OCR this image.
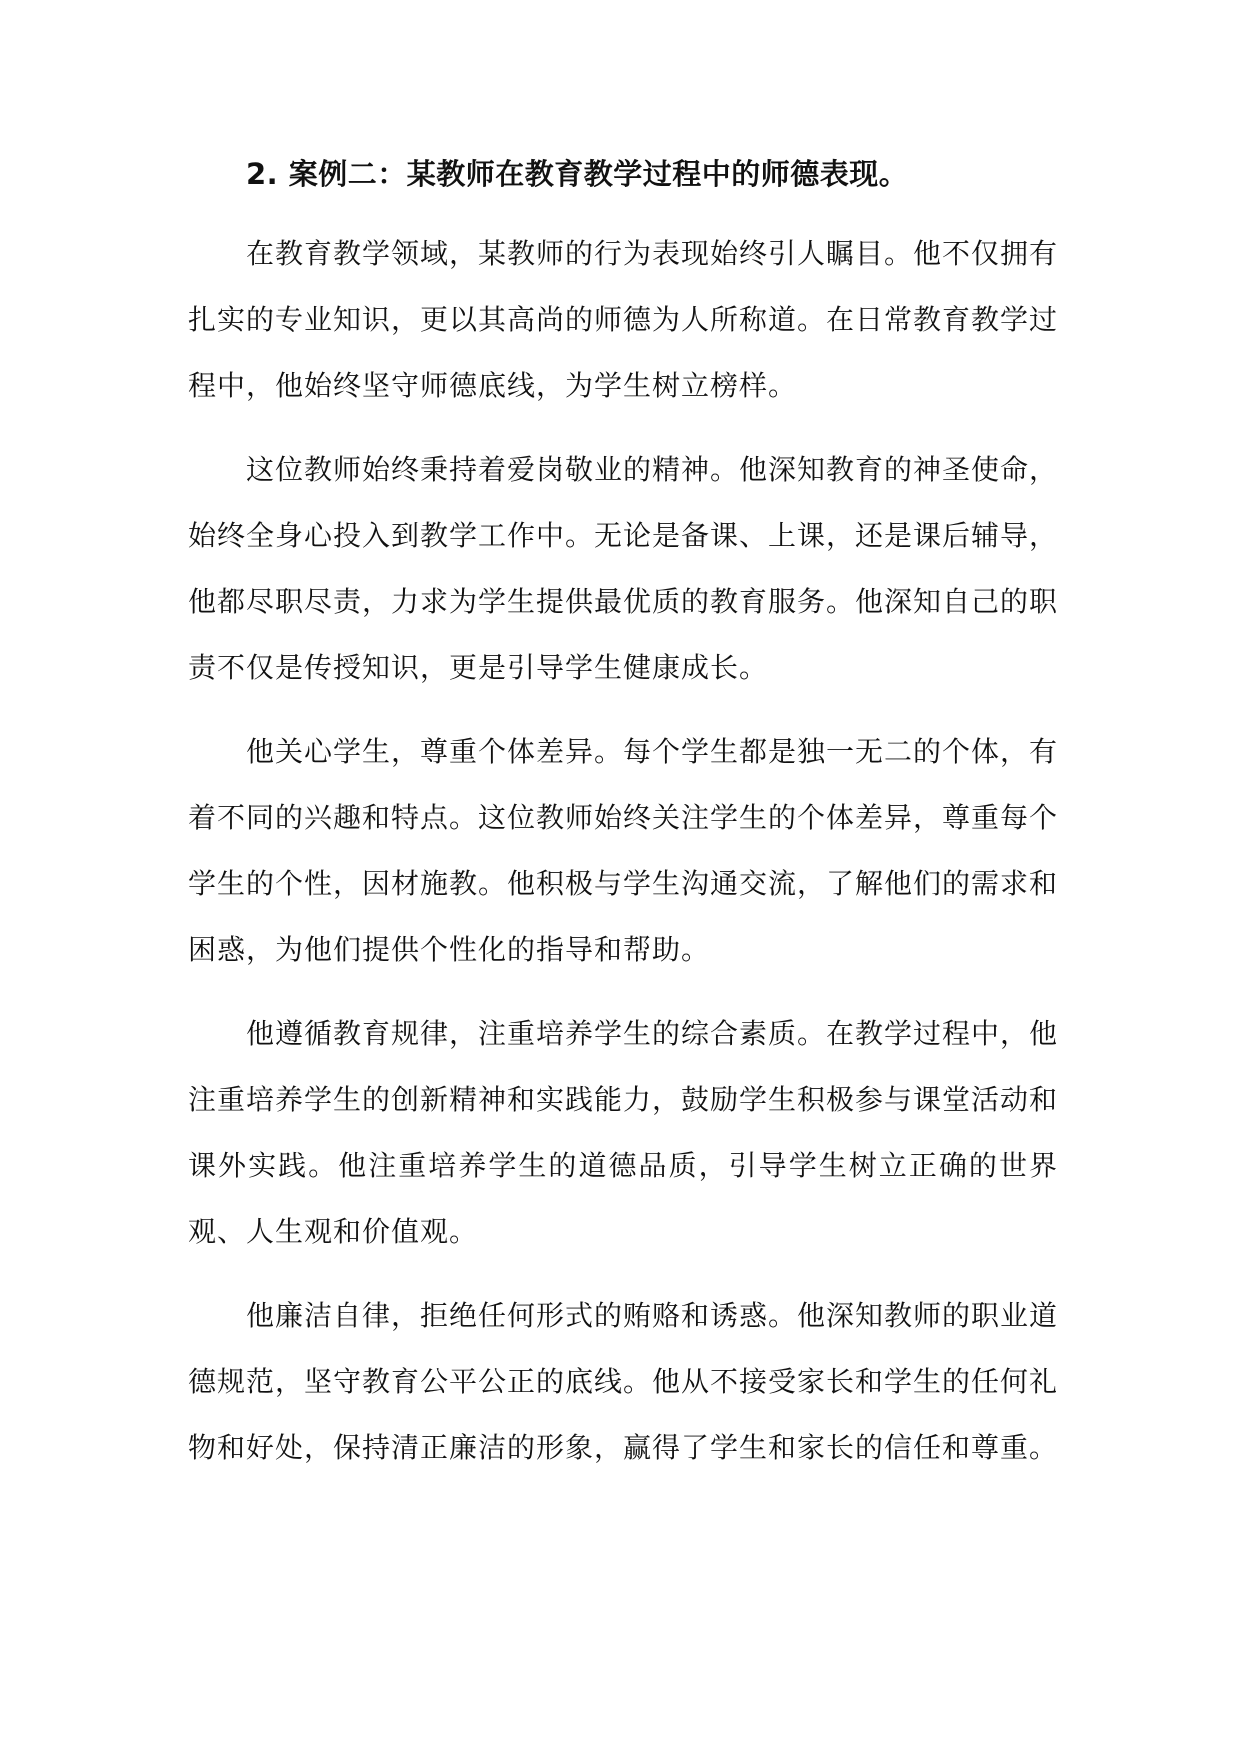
2. 案例二：某教师在教育教学过程中的师德表现。

在教育教学领域，某教师的行为表现始终引人瞩目。他不仅拥有扎实的专业知识，更以其高尚的师德为人所称道。在日常教育教学过程中，他始终坚守师德底线，为学生树立榜样。

这位教师始终秉持着爱岗敬业的精神。他深知教育的神圣使命，始终全身心投入到教学工作中。无论是备课、上课，还是课后辅导，他都尽职尽责，力求为学生提供最优质的教育服务。他深知自己的职责不仅是传授知识，更是引导学生健康成长。

他关心学生，尊重个体差异。每个学生都是独一无二的个体，有着不同的兴趣和特点。这位教师始终关注学生的个体差异，尊重每个学生的个性，因材施教。他积极与学生沟通交流，了解他们的需求和困惑，为他们提供个性化的指导和帮助。

他遵循教育规律，注重培养学生的综合素质。在教学过程中，他注重培养学生的创新精神和实践能力，鼓励学生积极参与课堂活动和课外实践。他注重培养学生的道德品质，引导学生树立正确的世界观、人生观和价值观。

他廉洁自律，拒绝任何形式的贿赂和诱惑。他深知教师的职业道德规范，坚守教育公平公正的底线。他从不接受家长和学生的任何礼物和好处，保持清正廉洁的形象，赢得了学生和家长的信任和尊重。
